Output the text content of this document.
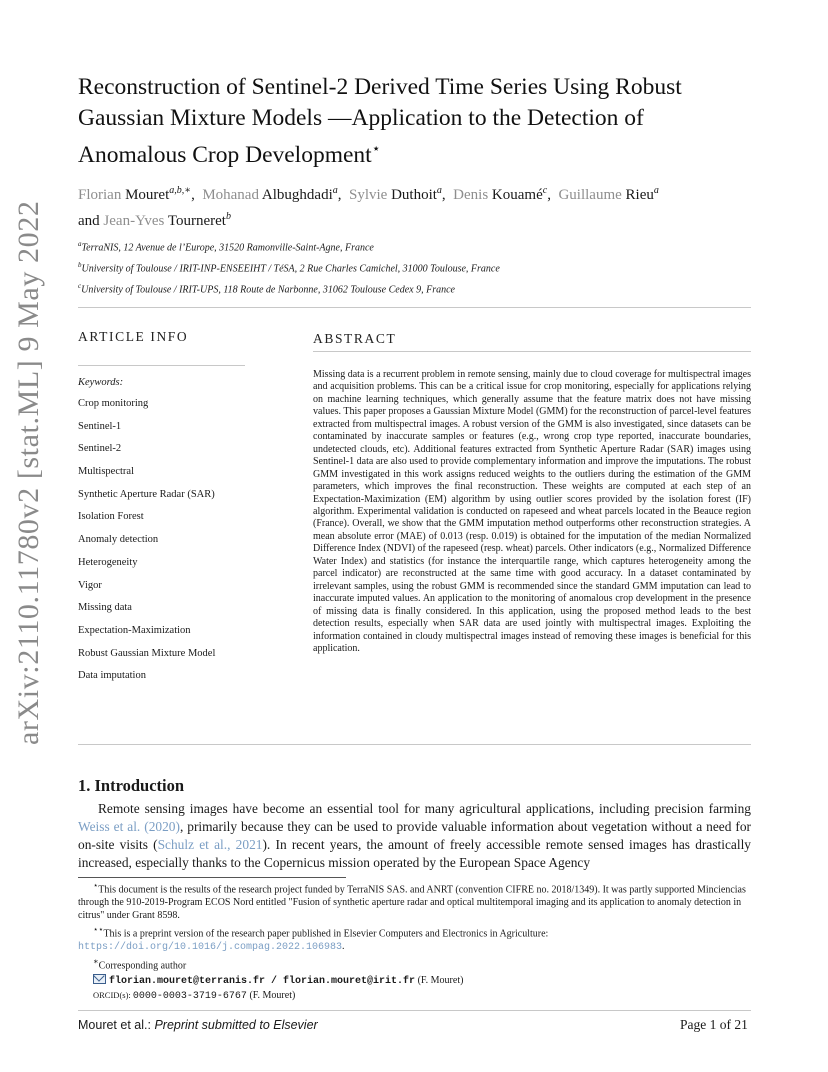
arXiv:2110.11780v2 [stat.ML] 9 May 2022
Reconstruction of Sentinel-2 Derived Time Series Using Robust
Gaussian Mixture Models —Application to the Detection of
Anomalous Crop Development⋆
Florian Mouret$^{a,b,∗}$,  Mohanad Albughdadi$^a$,  Sylvie Duthoit$^a$,  Denis Kouamé$^c$,  Guillaume Rieu$^a$
and Jean-Yves Tourneret$^b$
$^a$TerraNIS, 12 Avenue de l’Europe, 31520 Ramonville-Saint-Agne, France
$^b$University of Toulouse / IRIT-INP-ENSEEIHT / TéSA, 2 Rue Charles Camichel, 31000 Toulouse, France
$^c$University of Toulouse / IRIT-UPS, 118 Route de Narbonne, 31062 Toulouse Cedex 9, France
ARTICLE INFO	ABSTRACT
Keywords:
Crop monitoring
Sentinel-1
Sentinel-2
Multispectral
Synthetic Aperture Radar (SAR)
Isolation Forest
Anomaly detection
Heterogeneity
Vigor
Missing data
Expectation-Maximization
Robust Gaussian Mixture Model
Data imputation
Missing data is a recurrent problem in remote sensing, mainly due to cloud coverage for multispectral images and acquisition problems. This can be a critical issue for crop monitoring, especially for applications relying on machine learning techniques, which generally assume that the feature matrix does not have missing values. This paper proposes a Gaussian Mixture Model (GMM) for the reconstruction of parcel-level features extracted from multispectral images. A robust version of the GMM is also investigated, since datasets can be contaminated by inaccurate samples or features (e.g., wrong crop type reported, inaccurate boundaries, undetected clouds, etc). Additional features extracted from Synthetic Aperture Radar (SAR) images using Sentinel-1 data are also used to provide complementary information and improve the imputations. The robust GMM investigated in this work assigns reduced weights to the outliers during the estimation of the GMM parameters, which improves the final reconstruction. These weights are computed at each step of an Expectation-Maximization (EM) algorithm by using outlier scores provided by the isolation forest (IF) algorithm. Experimental validation is conducted on rapeseed and wheat parcels located in the Beauce region (France). Overall, we show that the GMM imputation method outperforms other reconstruction strategies. A mean absolute error (MAE) of 0.013 (resp. 0.019) is obtained for the imputation of the median Normalized Difference Index (NDVI) of the rapeseed (resp. wheat) parcels. Other indicators (e.g., Normalized Difference Water Index) and statistics (for instance the interquartile range, which captures heterogeneity among the parcel indicator) are reconstructed at the same time with good accuracy. In a dataset contaminated by irrelevant samples, using the robust GMM is recommended since the standard GMM imputation can lead to inaccurate imputed values. An application to the monitoring of anomalous crop development in the presence of missing data is finally considered. In this application, using the proposed method leads to the best detection results, especially when SAR data are used jointly with multispectral images. Exploiting the information contained in cloudy multispectral images instead of removing these images is beneficial for this application.
1. Introduction
Remote sensing images have become an essential tool for many agricultural applications, including precision farming Weiss et al. (2020), primarily because they can be used to provide valuable information about vegetation without a need for on-site visits (Schulz et al., 2021). In recent years, the amount of freely accessible remote sensed images has drastically increased, especially thanks to the Copernicus mission operated by the European Space Agency
⋆This document is the results of the research project funded by TerraNIS SAS. and ANRT (convention CIFRE no. 2018/1349). It was partly supported Minciencias through the 910-2019-Program ECOS Nord entitled "Fusion of synthetic aperture radar and optical multitemporal imaging and its application to anomaly detection in citrus" under Grant 8598.
⋆⋆This is a preprint version of the research paper published in Elsevier Computers and Electronics in Agriculture: https://doi.org/10.1016/j.compag.2022.106983.
∗Corresponding author
florian.mouret@terranis.fr / florian.mouret@irit.fr (F. Mouret)
ORCID(s): 0000-0003-3719-6767 (F. Mouret)
Mouret et al.: Preprint submitted to Elsevier	Page 1 of 21
